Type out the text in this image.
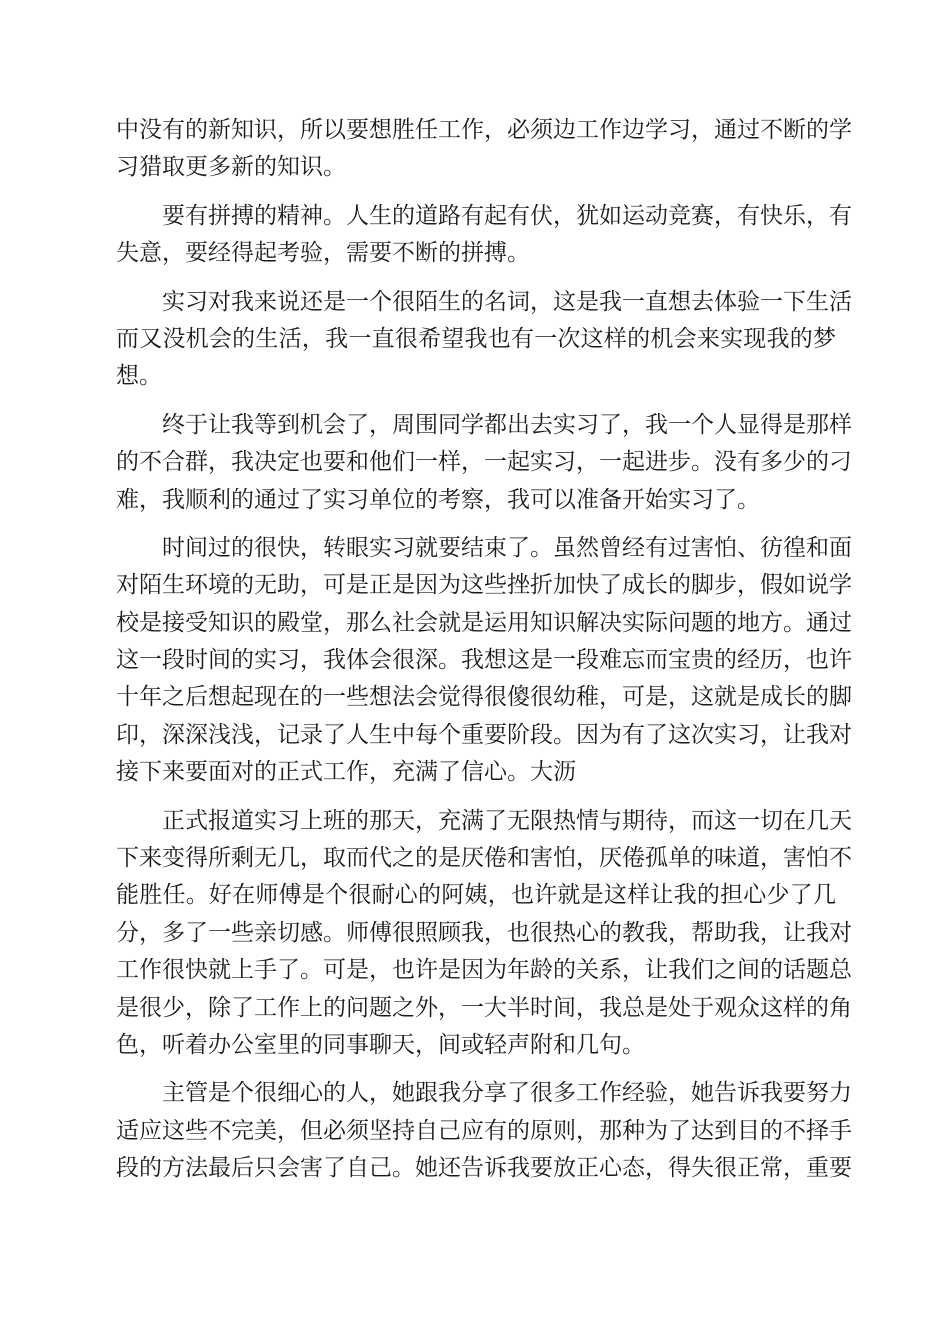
中没有的新知识，所以要想胜任工作，必须边工作边学习，通过不断的学
习猎取更多新的知识。
要有拼搏的精神。人生的道路有起有伏，犹如运动竞赛，有快乐，有
失意，要经得起考验，需要不断的拼搏。
实习对我来说还是一个很陌生的名词，这是我一直想去体验一下生活
而又没机会的生活，我一直很希望我也有一次这样的机会来实现我的梦
想。
终于让我等到机会了，周围同学都出去实习了，我一个人显得是那样
的不合群，我决定也要和他们一样，一起实习，一起进步。没有多少的刁
难，我顺利的通过了实习单位的考察，我可以准备开始实习了。
时间过的很快，转眼实习就要结束了。虽然曾经有过害怕、彷徨和面
对陌生环境的无助，可是正是因为这些挫折加快了成长的脚步，假如说学
校是接受知识的殿堂，那么社会就是运用知识解决实际问题的地方。通过
这一段时间的实习，我体会很深。我想这是一段难忘而宝贵的经历，也许
十年之后想起现在的一些想法会觉得很傻很幼稚，可是，这就是成长的脚
印，深深浅浅，记录了人生中每个重要阶段。因为有了这次实习，让我对
接下来要面对的正式工作，充满了信心。大沥
正式报道实习上班的那天，充满了无限热情与期待，而这一切在几天
下来变得所剩无几，取而代之的是厌倦和害怕，厌倦孤单的味道，害怕不
能胜任。好在师傅是个很耐心的阿姨，也许就是这样让我的担心少了几
分，多了一些亲切感。师傅很照顾我，也很热心的教我，帮助我，让我对
工作很快就上手了。可是，也许是因为年龄的关系，让我们之间的话题总
是很少，除了工作上的问题之外，一大半时间，我总是处于观众这样的角
色，听着办公室里的同事聊天，间或轻声附和几句。
主管是个很细心的人，她跟我分享了很多工作经验，她告诉我要努力
适应这些不完美，但必须坚持自己应有的原则，那种为了达到目的不择手
段的方法最后只会害了自己。她还告诉我要放正心态，得失很正常，重要
